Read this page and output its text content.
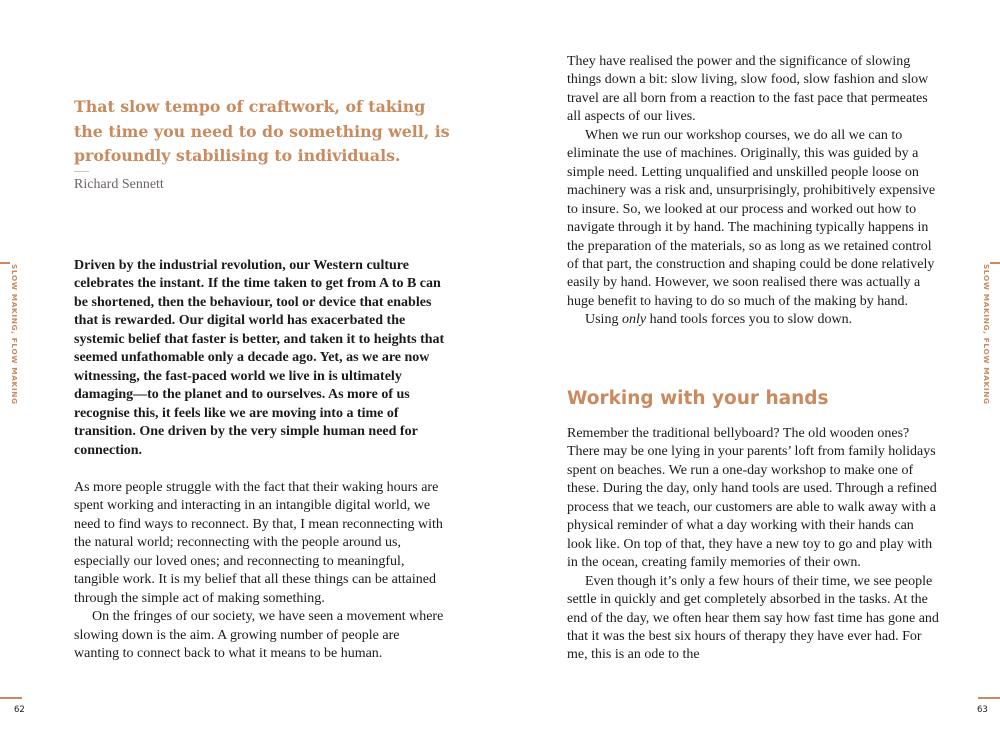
SLOW MAKING, FLOW MAKING
That slow tempo of craftwork, of taking the time you need to do something well, is profoundly stabilising to individuals.
Richard Sennett

Driven by the industrial revolution, our Western culture celebrates the instant. If the time taken to get from A to B can be shortened, then the behaviour, tool or device that enables that is rewarded. Our digital world has exacerbated the systemic belief that faster is better, and taken it to heights that seemed unfathomable only a decade ago. Yet, as we are now witnessing, the fast-paced world we live in is ultimately damaging—to the planet and to ourselves. As more of us recognise this, it feels like we are moving into a time of transition. One driven by the very simple human need for connection.

As more people struggle with the fact that their waking hours are spent working and interacting in an intangible digital world, we need to find ways to reconnect. By that, I mean reconnecting with the natural world; reconnecting with the people around us, especially our loved ones; and reconnecting to meaningful, tangible work. It is my belief that all these things can be attained through the simple act of making something.

On the fringes of our society, we have seen a movement where slowing down is the aim. A growing number of people are wanting to connect back to what it means to be human.

62

They have realised the power and the significance of slowing things down a bit: slow living, slow food, slow fashion and slow travel are all born from a reaction to the fast pace that permeates all aspects of our lives.

When we run our workshop courses, we do all we can to eliminate the use of machines. Originally, this was guided by a simple need. Letting unqualified and unskilled people loose on machinery was a risk and, unsurprisingly, prohibitively expensive to insure. So, we looked at our process and worked out how to navigate through it by hand. The machining typically happens in the preparation of the materials, so as long as we retained control of that part, the construction and shaping could be done relatively easily by hand. However, we soon realised there was actually a huge benefit to having to do so much of the making by hand.

Using only hand tools forces you to slow down.

Working with your hands

Remember the traditional bellyboard? The old wooden ones? There may be one lying in your parents’ loft from family holidays spent on beaches. We run a one-day workshop to make one of these. During the day, only hand tools are used. Through a refined process that we teach, our customers are able to walk away with a physical reminder of what a day working with their hands can look like. On top of that, they have a new toy to go and play with in the ocean, creating family memories of their own.

Even though it’s only a few hours of their time, we see people settle in quickly and get completely absorbed in the tasks. At the end of the day, we often hear them say how fast time has gone and that it was the best six hours of therapy they have ever had. For me, this is an ode to the

SLOW MAKING, FLOW MAKING
63
